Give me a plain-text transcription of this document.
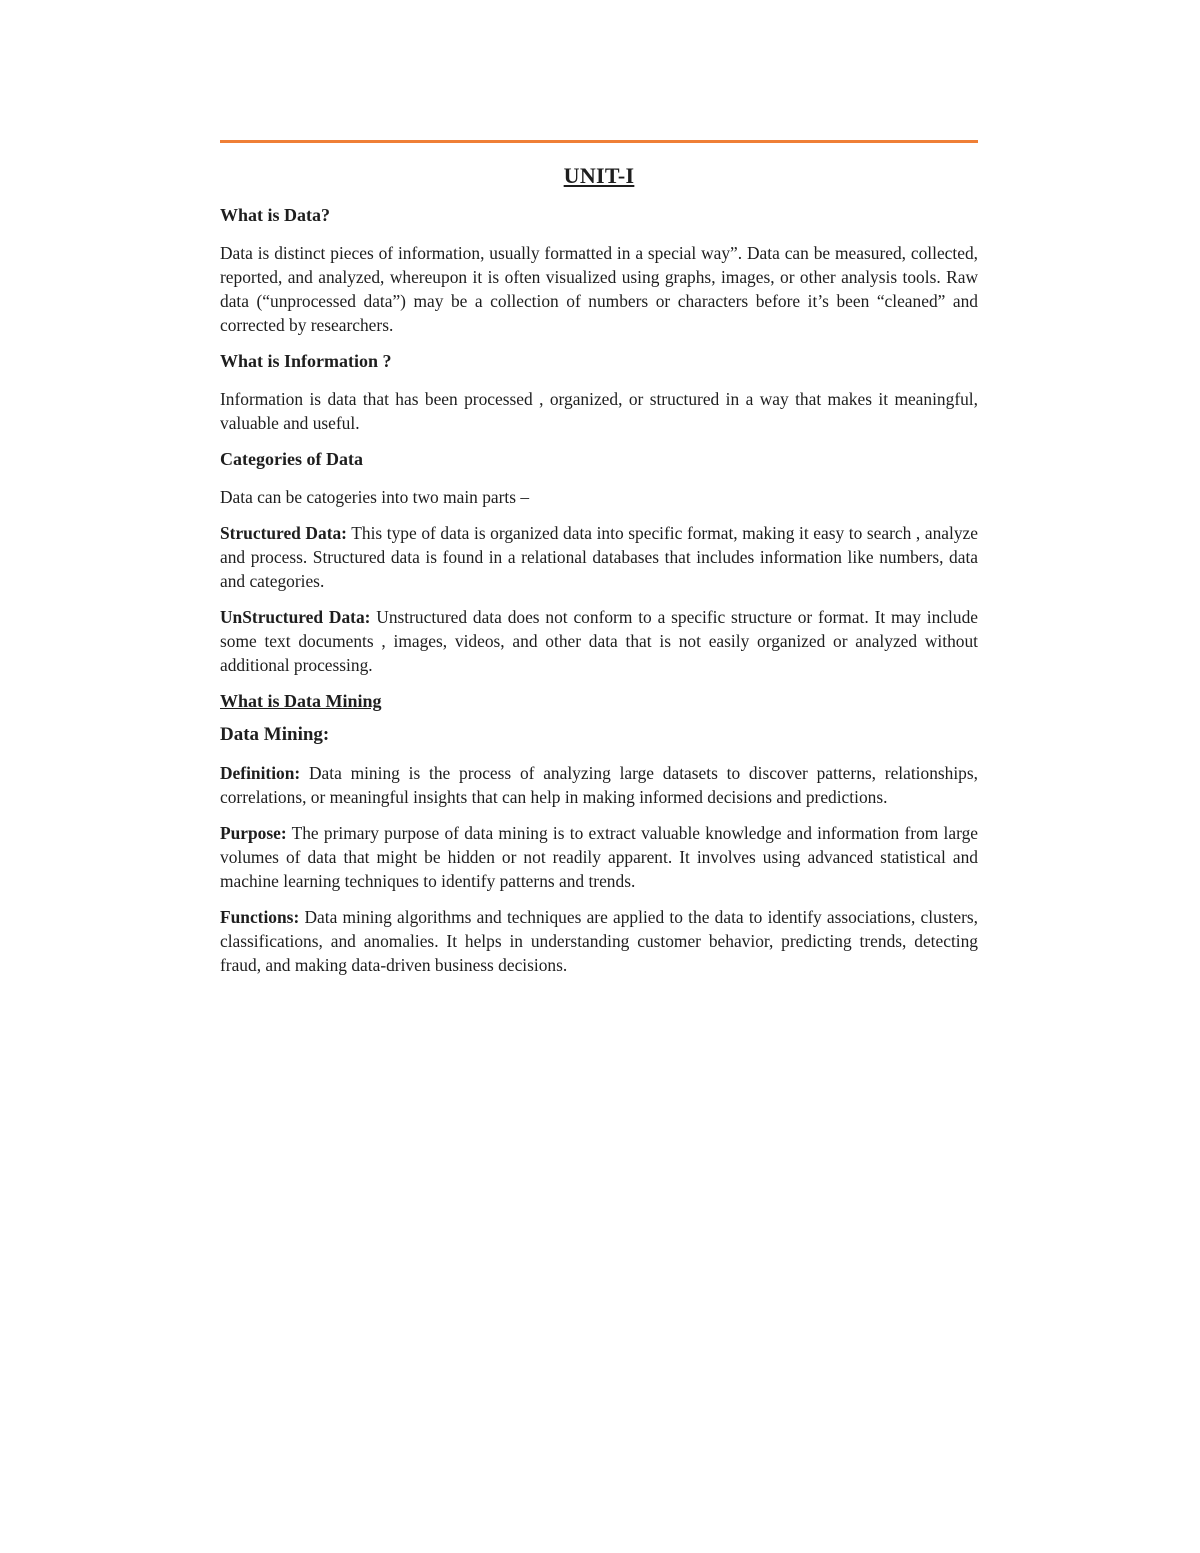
UNIT-I
What is Data?

Data is distinct pieces of information, usually formatted in a special way”. Data can be measured, collected, reported, and analyzed, whereupon it is often visualized using graphs, images, or other analysis tools. Raw data (“unprocessed data”) may be a collection of numbers or characters before it’s been “cleaned” and corrected by researchers.

What is Information ?

Information is data that has been processed , organized, or structured in a way that makes it meaningful, valuable and useful.

Categories of Data

Data can be catogeries into two main parts –

Structured Data: This type of data is organized data into specific format, making it easy to search , analyze and process. Structured data is found in a relational databases that includes information like numbers, data and categories.

UnStructured Data: Unstructured data does not conform to a specific structure or format. It may include some text documents , images, videos, and other data that is not easily organized or analyzed without additional processing.

What is Data Mining
Data Mining:

Definition: Data mining is the process of analyzing large datasets to discover patterns, relationships, correlations, or meaningful insights that can help in making informed decisions and predictions.

Purpose: The primary purpose of data mining is to extract valuable knowledge and information from large volumes of data that might be hidden or not readily apparent. It involves using advanced statistical and machine learning techniques to identify patterns and trends.

Functions: Data mining algorithms and techniques are applied to the data to identify associations, clusters, classifications, and anomalies. It helps in understanding customer behavior, predicting trends, detecting fraud, and making data-driven business decisions.
